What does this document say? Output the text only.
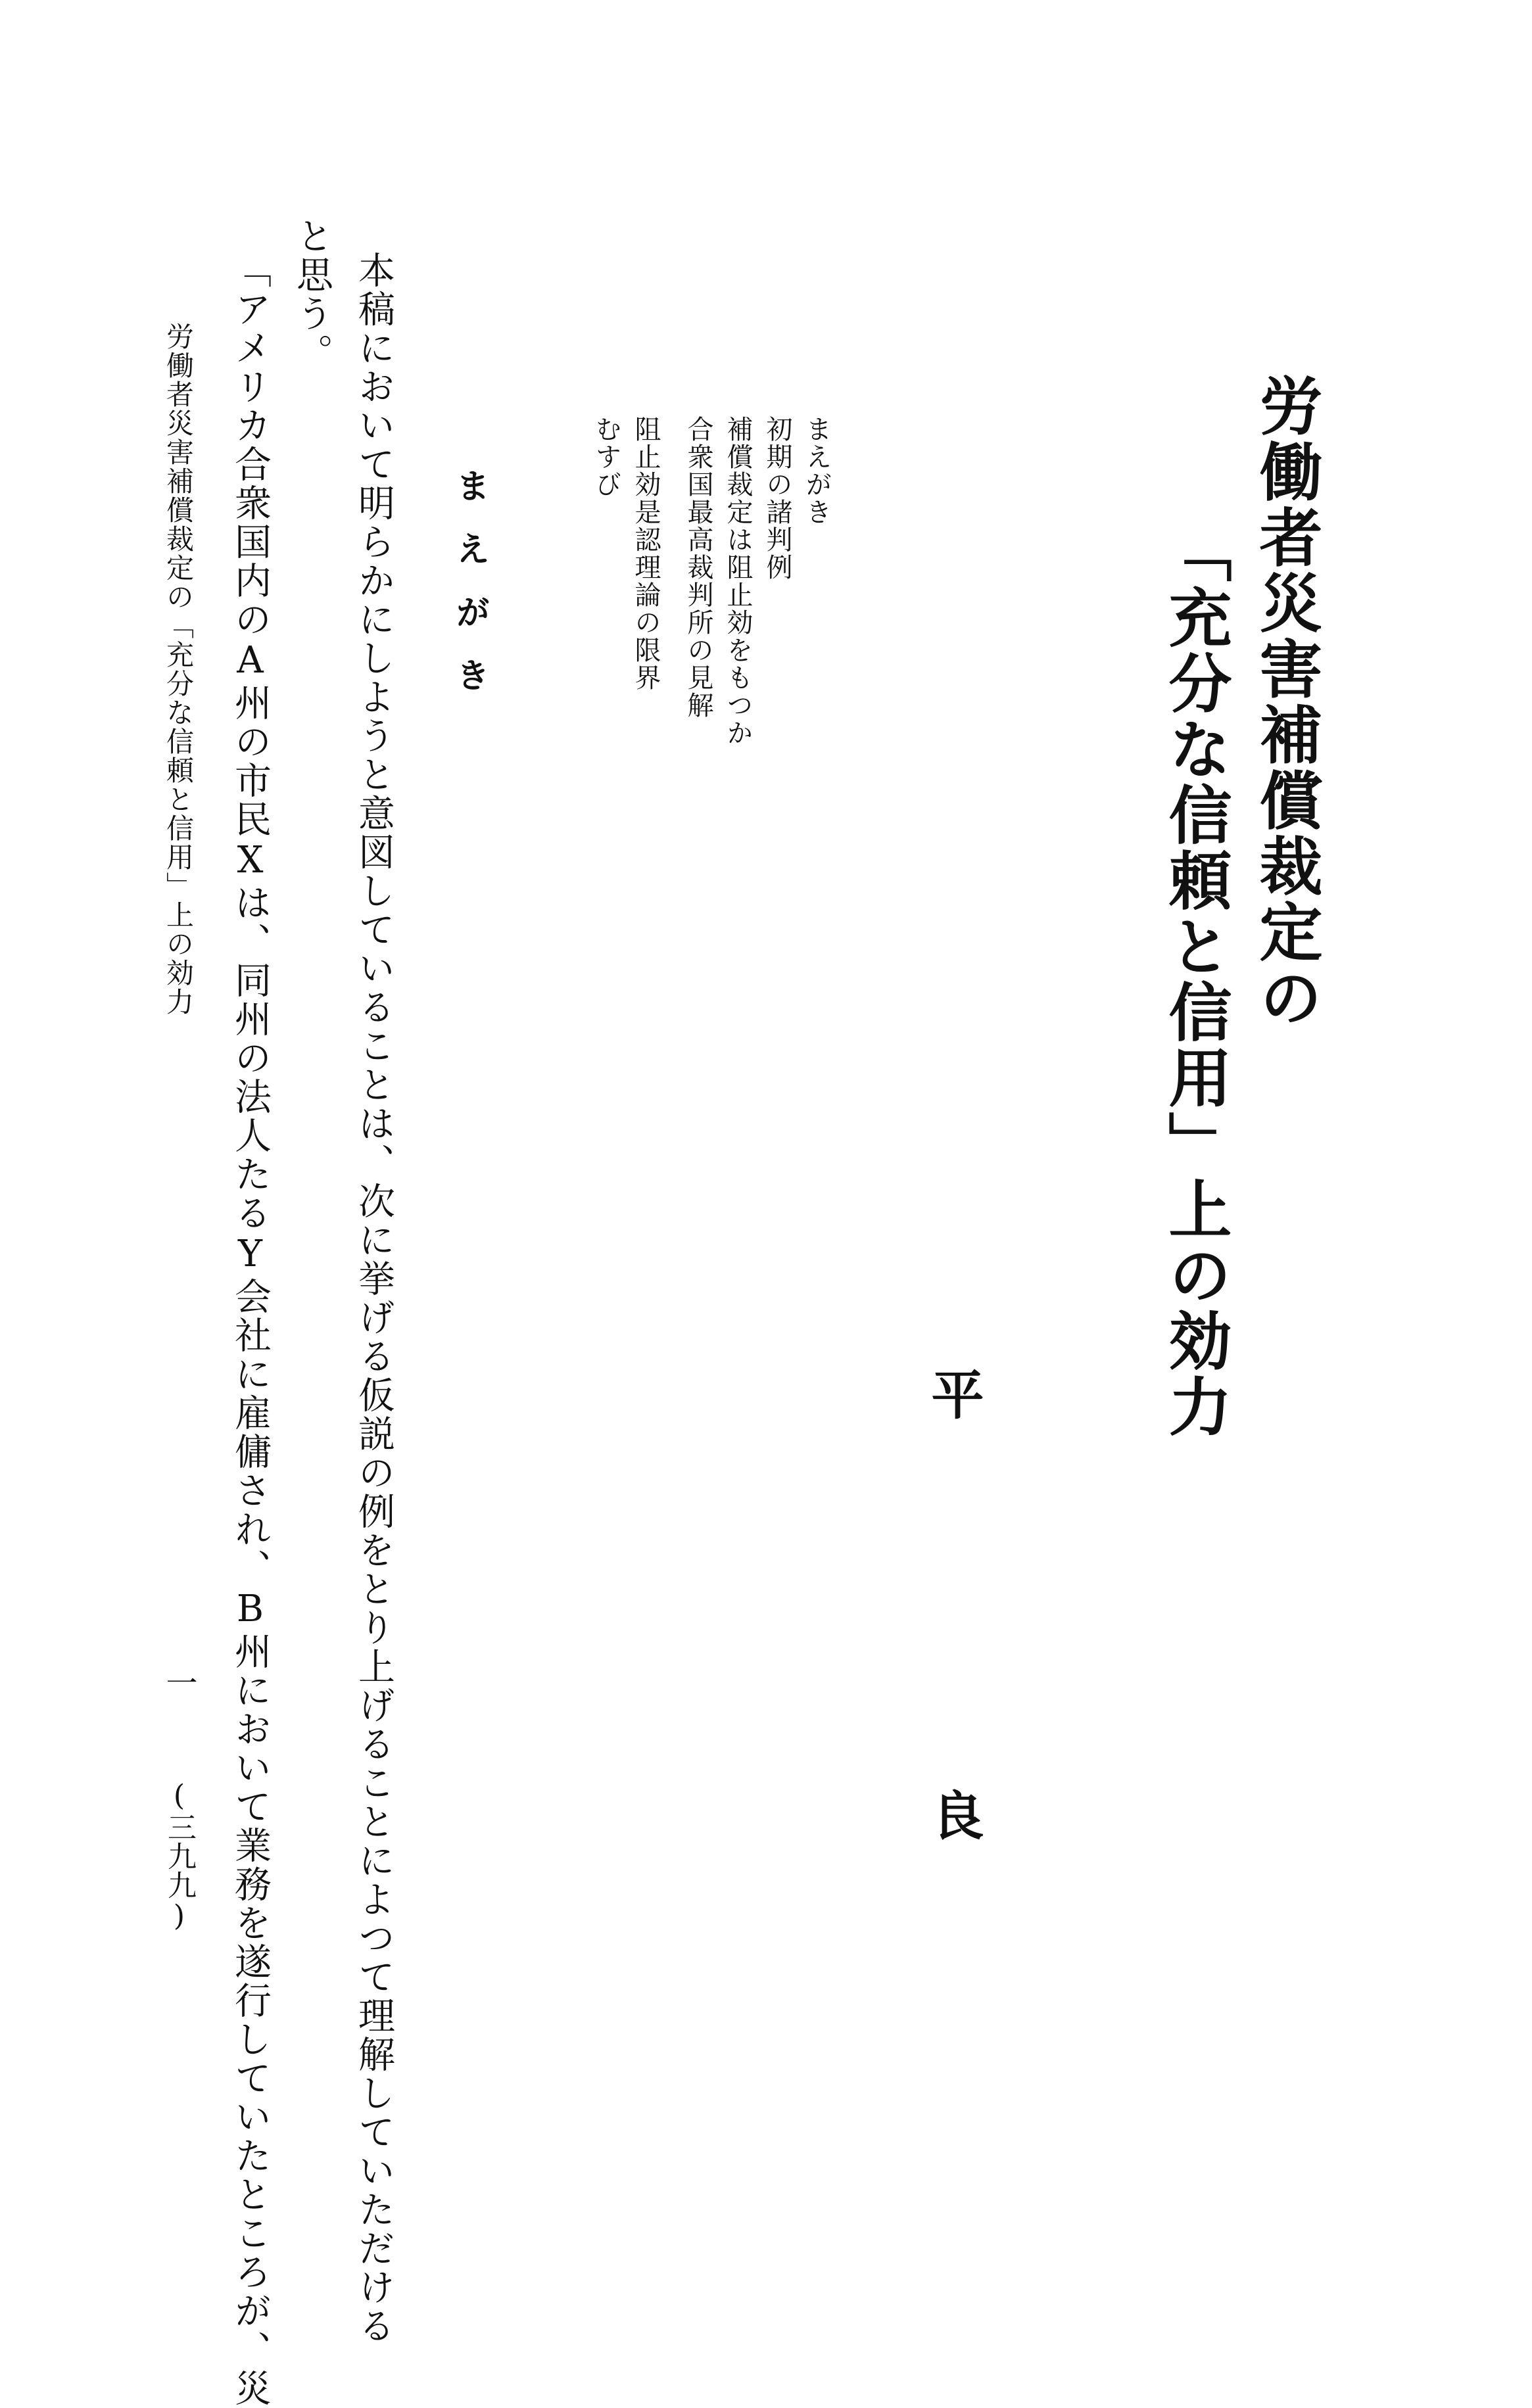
労働者災害補償裁定の
「充分な信頼と信用」上の効力
平
良
まえがき
初期の諸判例
補償裁定は阻止効をもつか
合衆国最高裁判所の見解
阻止効是認理論の限界
むすび
まえがき
本稿において明らかにしようと意図していることは、次に挙げる仮説の例をとり上げることによつて理解していただける
と思う。
「アメリカ合衆国内のA州の市民Xは、同州の法人たるY会社に雇傭され、B州において業務を遂行していたところが、災
労働者災害補償裁定の「充分な信頼と信用」上の効力
一
(三九九)
